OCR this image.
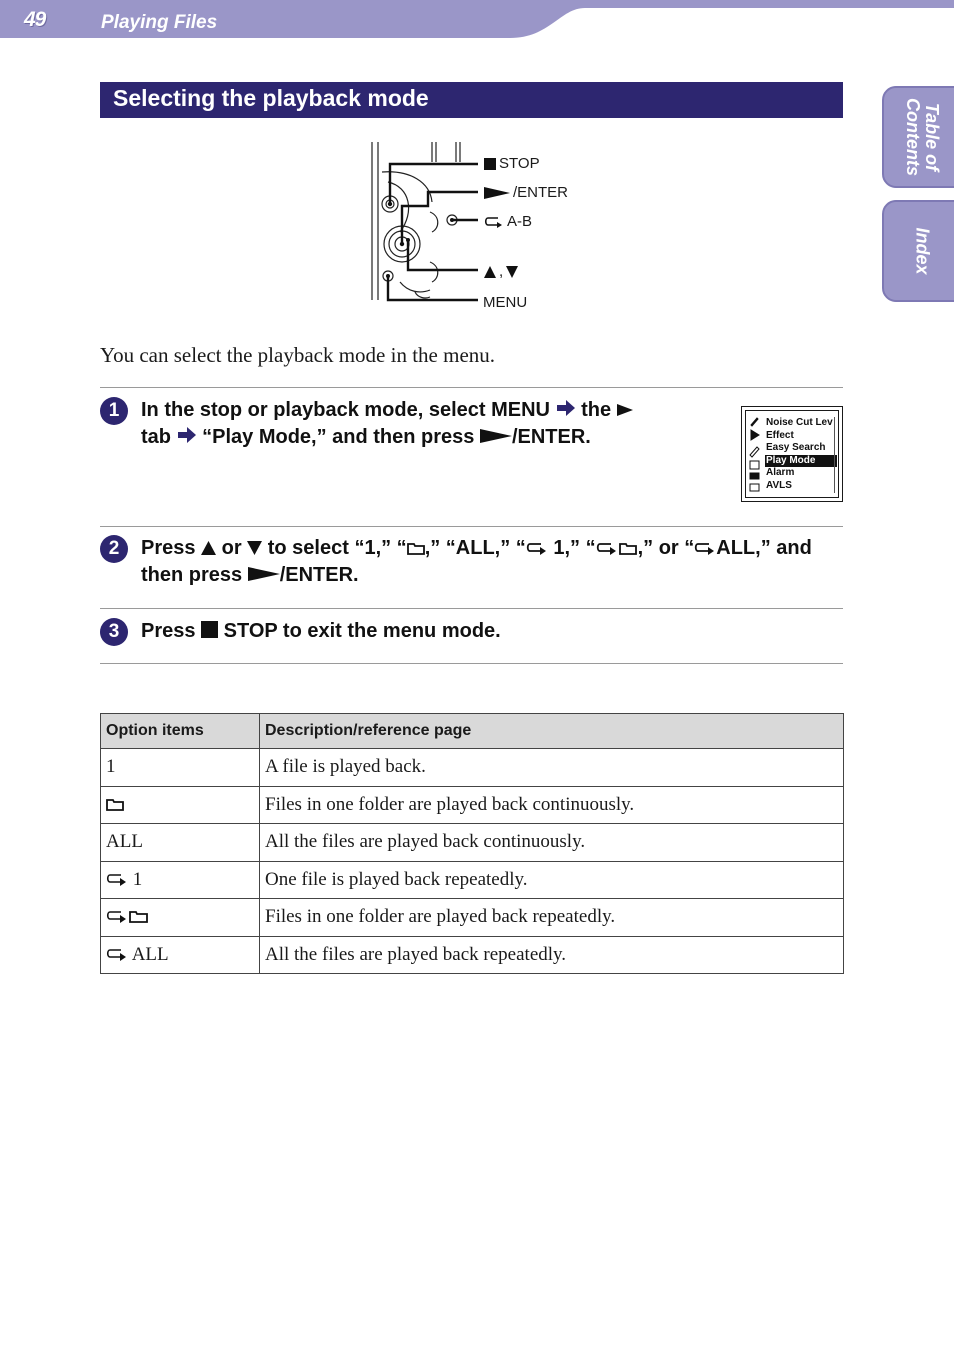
49	Playing Files
Table of
Contents
Index
Selecting the playback mode
STOP
/ENTER
A-B
,
MENU
You can select the playback mode in the menu.
1	In the stop or playback mode, select MENU  the
tab  “Play Mode,” and then press /ENTER.
Noise Cut Lev
Effect
Easy Search
Play Mode
Alarm
AVLS
2	Press  or  to select “1,” “ ,” “ALL,” “ 1,” “ ,” or “ ALL,” and
then press /ENTER.
3	Press  STOP to exit the menu mode.
Option items	Description/reference page
1	A file is played back.
	Files in one folder are played back continuously.
ALL	All the files are played back continuously.
1	One file is played back repeatedly.
	Files in one folder are played back repeatedly.
ALL	All the files are played back repeatedly.
